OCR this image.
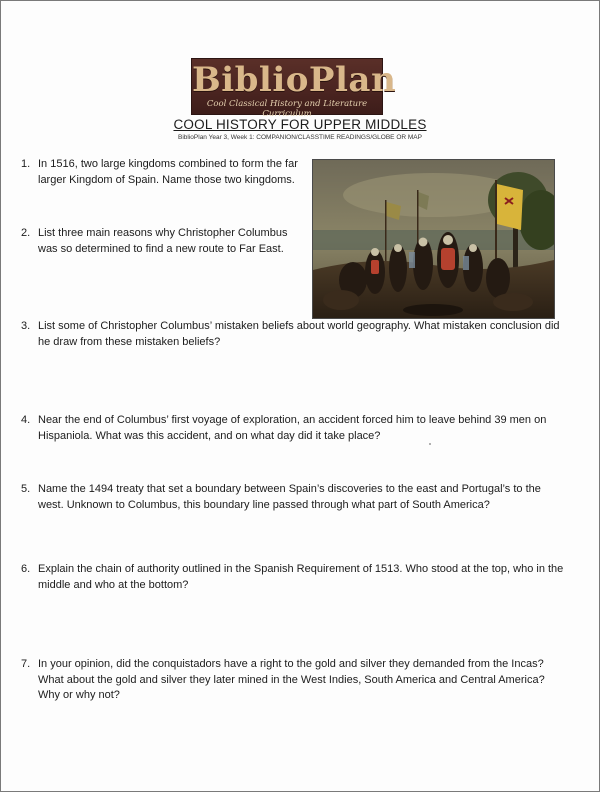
BiblioPlan
Cool Classical History and Literature Curriculum
COOL HISTORY FOR UPPER MIDDLES
BiblioPlan Year 3, Week 1: COMPANION/CLASSTIME READINGS/GLOBE OR MAP
1. In 1516, two large kingdoms combined to form the far larger Kingdom of Spain. Name those two kingdoms.
2. List three main reasons why Christopher Columbus was so determined to find a new route to Far East.
3. List some of Christopher Columbus’ mistaken beliefs about world geography. What mistaken conclusion did he draw from these mistaken beliefs?
4. Near the end of Columbus’ first voyage of exploration, an accident forced him to leave behind 39 men on Hispaniola. What was this accident, and on what day did it take place?
5. Name the 1494 treaty that set a boundary between Spain’s discoveries to the east and Portugal’s to the west. Unknown to Columbus, this boundary line passed through what part of South America?
6. Explain the chain of authority outlined in the Spanish Requirement of 1513. Who stood at the top, who in the middle and who at the bottom?
7. In your opinion, did the conquistadors have a right to the gold and silver they demanded from the Incas? What about the gold and silver they later mined in the West Indies, South America and Central America? Why or why not?
